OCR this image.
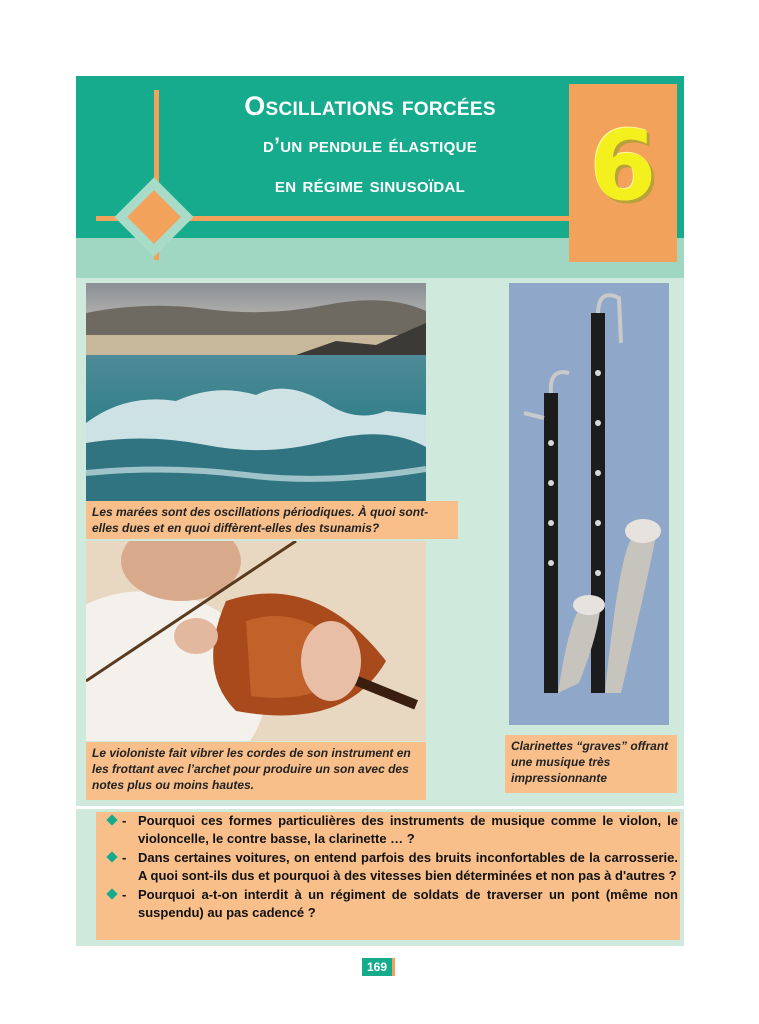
Oscillations forcées
d’un pendule élastique
en régime sinusoïdal	6
Les marées sont des oscillations périodiques. À quoi sont-elles dues et en quoi diffèrent-elles des tsunamis?
Le violoniste fait vibrer les cordes de son instrument en les frottant avec l’archet pour produire un son avec des notes plus ou moins hautes.
Clarinettes “graves” offrant une musique très impressionnante
- Pourquoi ces formes particulières des instruments de musique comme le violon, le violoncelle, le contre basse, la clarinette … ?
- Dans certaines voitures, on entend parfois des bruits inconfortables de la carrosserie. A quoi sont-ils dus et pourquoi à des vitesses bien déterminées et non pas à d'autres ?
- Pourquoi a-t-on interdit à un régiment de soldats de traverser un pont (même non suspendu) au pas cadencé ?
169
